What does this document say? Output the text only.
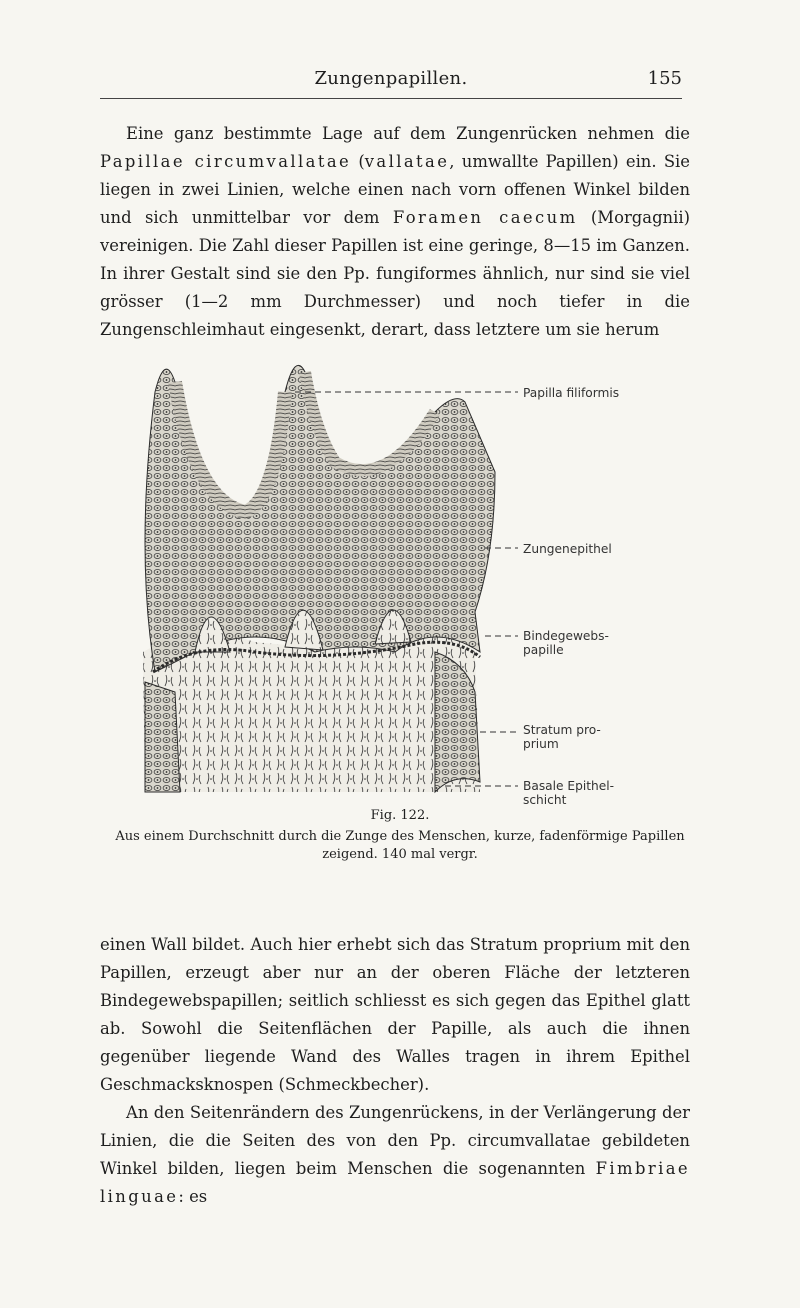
Zungenpapillen.	155

Eine ganz bestimmte Lage auf dem Zungenrücken nehmen die Papillae circumvallatae (vallatae, umwallte Papillen) ein. Sie liegen in zwei Linien, welche einen nach vorn offenen Winkel bilden und sich unmittelbar vor dem Foramen caecum (Morgagnii) vereinigen. Die Zahl dieser Papillen ist eine geringe, 8—15 im Ganzen. In ihrer Gestalt sind sie den Pp. fungiformes ähnlich, nur sind sie viel grösser (1—2 mm Durchmesser) und noch tiefer in die Zungenschleimhaut eingesenkt, derart, dass letztere um sie herum

Papilla filiformis
Zungenepithel
Bindegewebs-
papille
Stratum pro-
prium
Basale Epithel-
schicht
Fig. 122.
Aus einem Durchschnitt durch die Zunge des Menschen, kurze, fadenförmige Papillen zeigend. 140 mal vergr.

einen Wall bildet. Auch hier erhebt sich das Stratum proprium mit den Papillen, erzeugt aber nur an der oberen Fläche der letzteren Bindegewebspapillen; seitlich schliesst es sich gegen das Epithel glatt ab. Sowohl die Seitenflächen der Papille, als auch die ihnen gegenüber liegende Wand des Walles tragen in ihrem Epithel Geschmacksknospen (Schmeckbecher).

An den Seitenrändern des Zungenrückens, in der Verlängerung der Linien, die die Seiten des von den Pp. circumvallatae gebildeten Winkel bilden, liegen beim Menschen die sogenannten Fimbriae linguae: es
